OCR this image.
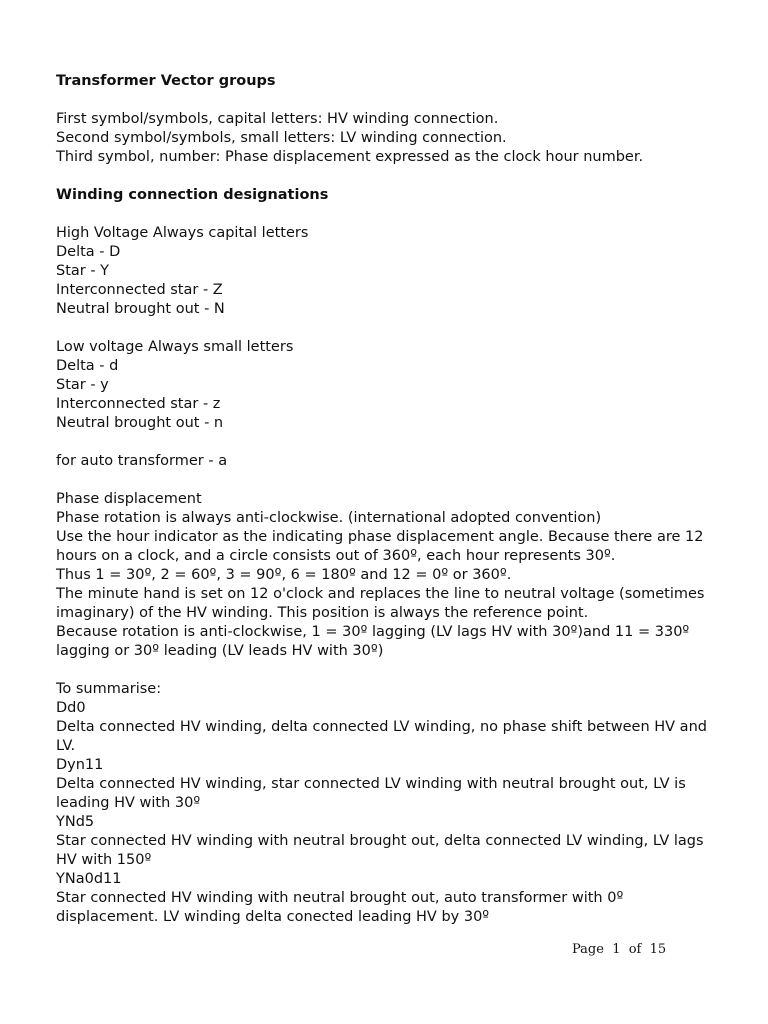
Transformer Vector groups
First symbol/symbols, capital letters: HV winding connection.
Second symbol/symbols, small letters: LV winding connection.
Third symbol, number: Phase displacement expressed as the clock hour number.
Winding connection designations
High Voltage Always capital letters
Delta - D
Star - Y
Interconnected star - Z
Neutral brought out - N
Low voltage Always small letters
Delta - d
Star - y
Interconnected star - z
Neutral brought out - n
for auto transformer - a
Phase displacement
Phase rotation is always anti-clockwise. (international adopted convention)
Use the hour indicator as the indicating phase displacement angle. Because there are 12
hours on a clock, and a circle consists out of 360º, each hour represents 30º.
Thus 1 = 30º, 2 = 60º, 3 = 90º, 6 = 180º and 12 = 0º or 360º.
The minute hand is set on 12 o'clock and replaces the line to neutral voltage (sometimes
imaginary) of the HV winding. This position is always the reference point.
Because rotation is anti-clockwise, 1 = 30º lagging (LV lags HV with 30º)and 11 = 330º
lagging or 30º leading (LV leads HV with 30º)
To summarise:
Dd0
Delta connected HV winding, delta connected LV winding, no phase shift between HV and
LV.
Dyn11
Delta connected HV winding, star connected LV winding with neutral brought out, LV is
leading HV with 30º
YNd5
Star connected HV winding with neutral brought out, delta connected LV winding, LV lags
HV with 150º
YNa0d11
Star connected HV winding with neutral brought out, auto transformer with 0º
displacement. LV winding delta conected leading HV by 30º
Page  1  of  15
